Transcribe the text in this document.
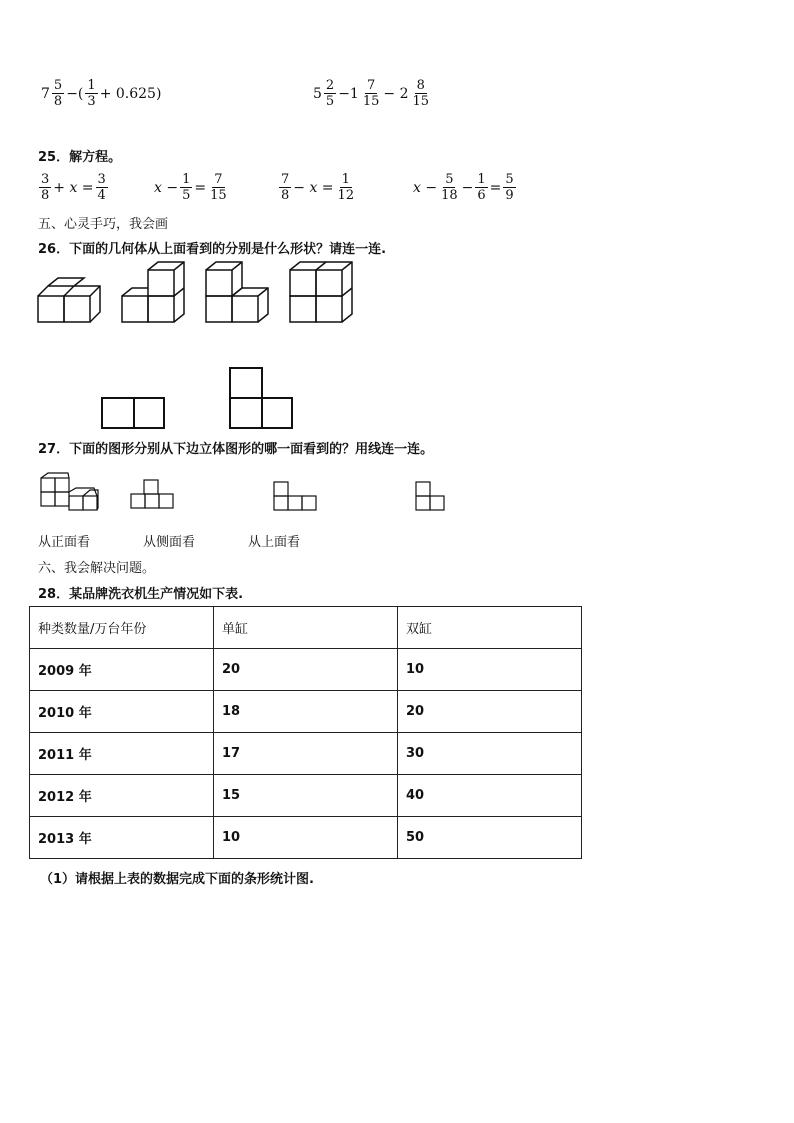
$7 \frac{5}{8}$ −( $\frac{1}{3} + 0.625$)	$5 \frac{2}{5} -1 \frac{7}{15} - 2 \frac{8}{15}$
25．解方程。
$\frac{3}{8} + x = \frac{3}{4}$	$x - \frac{1}{5} = \frac{7}{15}$	$\frac{7}{8} - x = \frac{1}{12}$	$x - \frac{5}{18} - \frac{1}{6} = \frac{5}{9}$
五、心灵手巧，我会画
26．下面的几何体从上面看到的分别是什么形状？请连一连.
27．下面的图形分别从下边立体图形的哪一面看到的？用线连一连。
从正面看	从侧面看	从上面看
六、我会解决问题。
28．某品牌洗衣机生产情况如下表.
种类数量/万台年份	单缸	双缸
2009 年	20	10
2010 年	18	20
2011 年	17	30
2012 年	15	40
2013 年	10	50
（1）请根据上表的数据完成下面的条形统计图.
